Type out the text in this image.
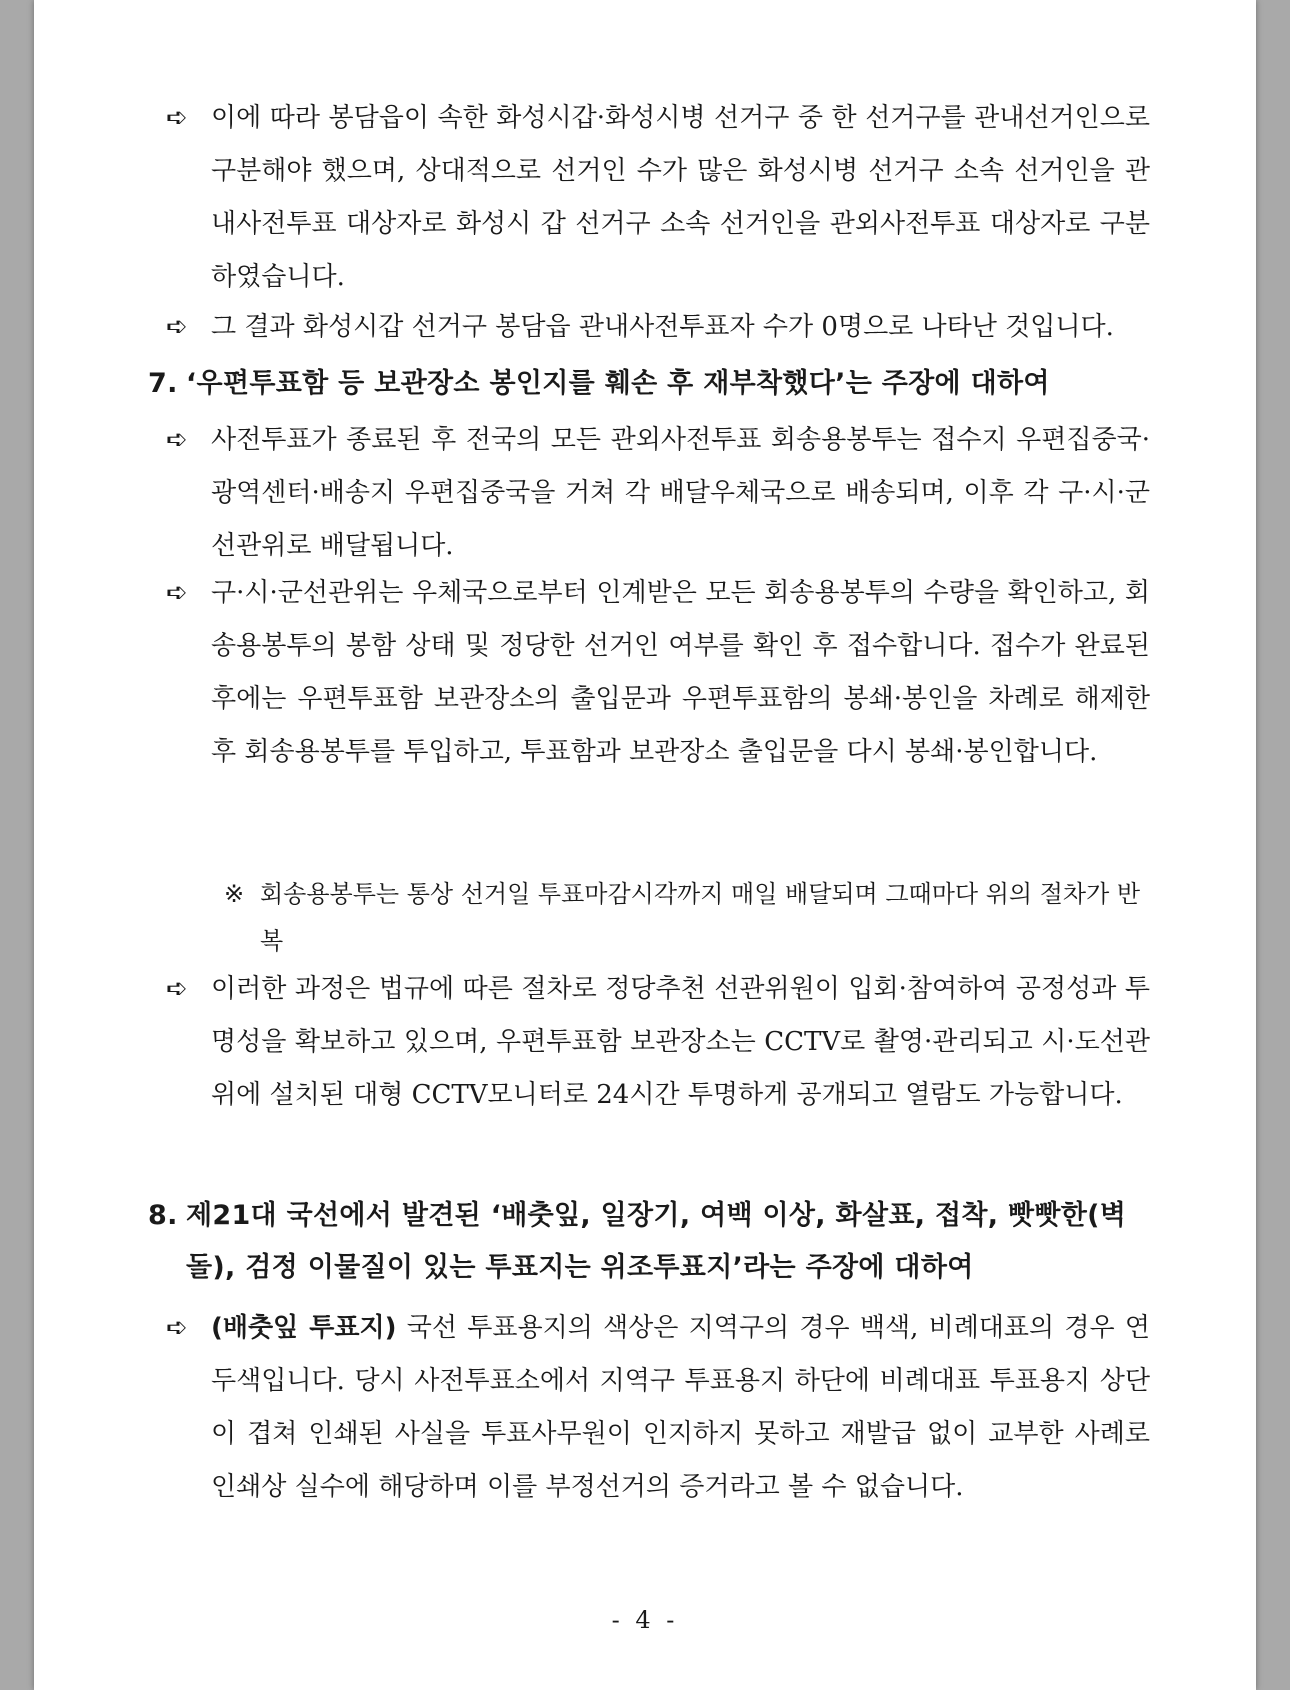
➪ 이에 따라 봉담읍이 속한 화성시갑·화성시병 선거구 중 한 선거구를 관내선거인으로 구분해야 했으며, 상대적으로 선거인 수가 많은 화성시병 선거구 소속 선거인을 관내사전투표 대상자로 화성시 갑 선거구 소속 선거인을 관외사전투표 대상자로 구분하였습니다.
➪ 그 결과 화성시갑 선거구 봉담읍 관내사전투표자 수가 0명으로 나타난 것입니다.
7. ‘우편투표함 등 보관장소 봉인지를 훼손 후 재부착했다’는 주장에 대하여
➪ 사전투표가 종료된 후 전국의 모든 관외사전투표 회송용봉투는 접수지 우편집중국·광역센터·배송지 우편집중국을 거쳐 각 배달우체국으로 배송되며, 이후 각 구·시·군선관위로 배달됩니다.
➪ 구·시·군선관위는 우체국으로부터 인계받은 모든 회송용봉투의 수량을 확인하고, 회송용봉투의 봉함 상태 및 정당한 선거인 여부를 확인 후 접수합니다. 접수가 완료된 후에는 우편투표함 보관장소의 출입문과 우편투표함의 봉쇄·봉인을 차례로 해제한 후 회송용봉투를 투입하고, 투표함과 보관장소 출입문을 다시 봉쇄·봉인합니다.
※ 회송용봉투는 통상 선거일 투표마감시각까지 매일 배달되며 그때마다 위의 절차가 반복
➪ 이러한 과정은 법규에 따른 절차로 정당추천 선관위원이 입회·참여하여 공정성과 투명성을 확보하고 있으며, 우편투표함 보관장소는 CCTV로 촬영·관리되고 시·도선관위에 설치된 대형 CCTV모니터로 24시간 투명하게 공개되고 열람도 가능합니다.
8. 제21대 국선에서 발견된 ‘배춧잎, 일장기, 여백 이상, 화살표, 접착, 빳빳한(벽돌), 검정 이물질이 있는 투표지는 위조투표지’라는 주장에 대하여
➪ (배춧잎 투표지) 국선 투표용지의 색상은 지역구의 경우 백색, 비례대표의 경우 연두색입니다. 당시 사전투표소에서 지역구 투표용지 하단에 비례대표 투표용지 상단이 겹쳐 인쇄된 사실을 투표사무원이 인지하지 못하고 재발급 없이 교부한 사례로 인쇄상 실수에 해당하며 이를 부정선거의 증거라고 볼 수 없습니다.
- 4 -
